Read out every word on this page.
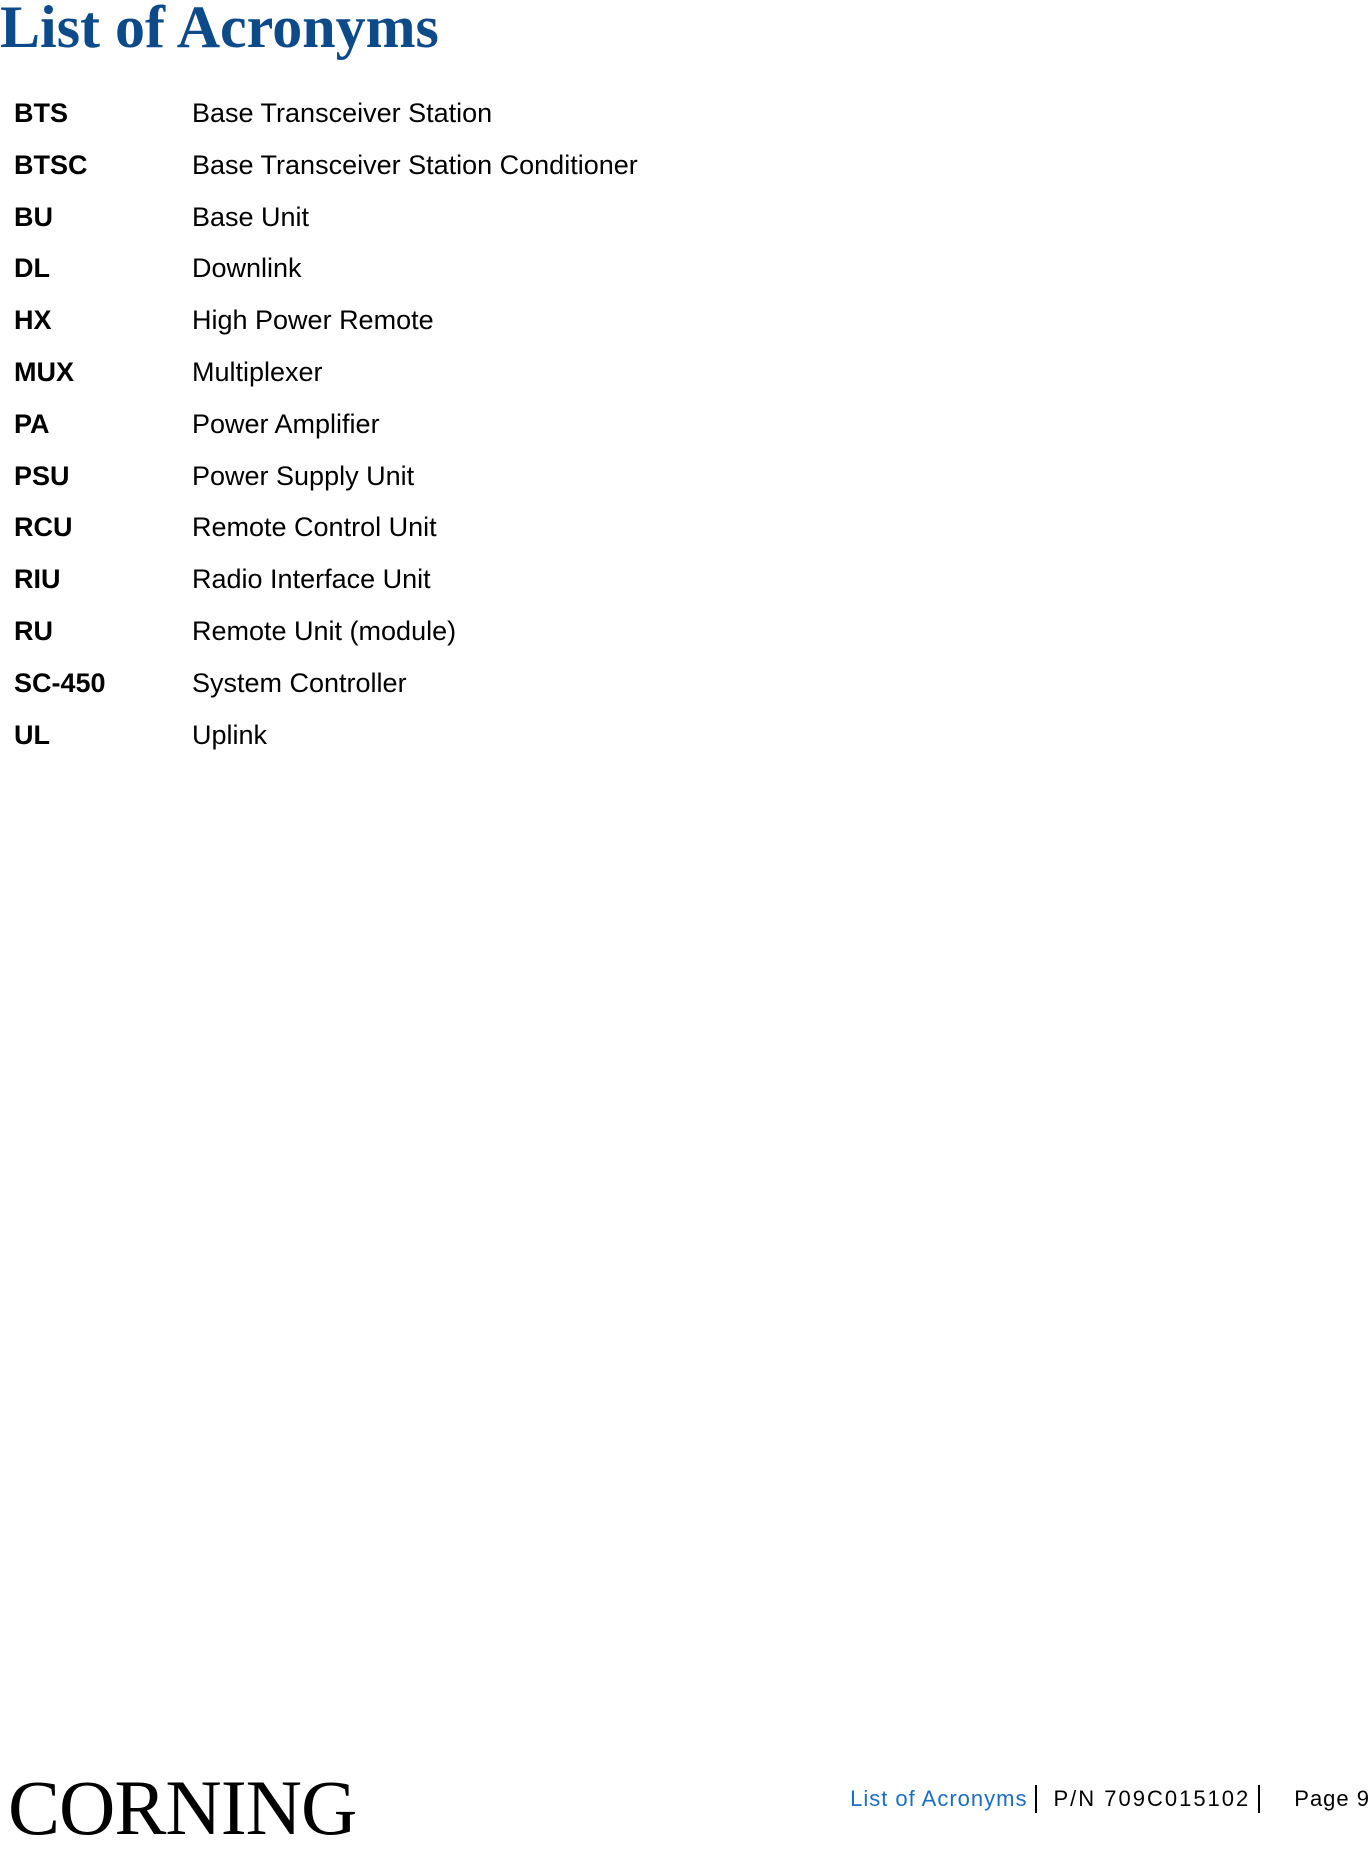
List of Acronyms
BTS	Base Transceiver Station
BTSC	Base Transceiver Station Conditioner
BU	Base Unit
DL	Downlink
HX	High Power Remote
MUX	Multiplexer
PA	Power Amplifier
PSU	Power Supply Unit
RCU	Remote Control Unit
RIU	Radio Interface Unit
RU	Remote Unit (module)
SC-450	System Controller
UL	Uplink
CORNING	List of Acronyms P/N 709C015102 Page 9
